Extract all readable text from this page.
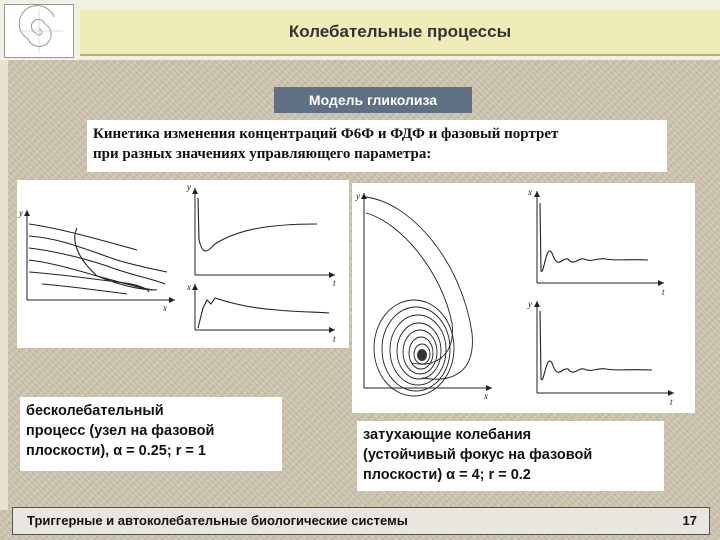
Колебательные процессы
Модель гликолиза
Кинетика изменения концентраций Ф6Ф и ФДФ и фазовый портрет
при разных значениях управляющего параметра:
y
x
y
t
x
t
y
x
x
t
y
t
бесколебательный
процесс (узел на фазовой
плоскости), α = 0.25; r = 1
затухающие колебания
(устойчивый фокус на фазовой
плоскости) α = 4; r = 0.2
Триггерные и автоколебательные биологические системы	17
